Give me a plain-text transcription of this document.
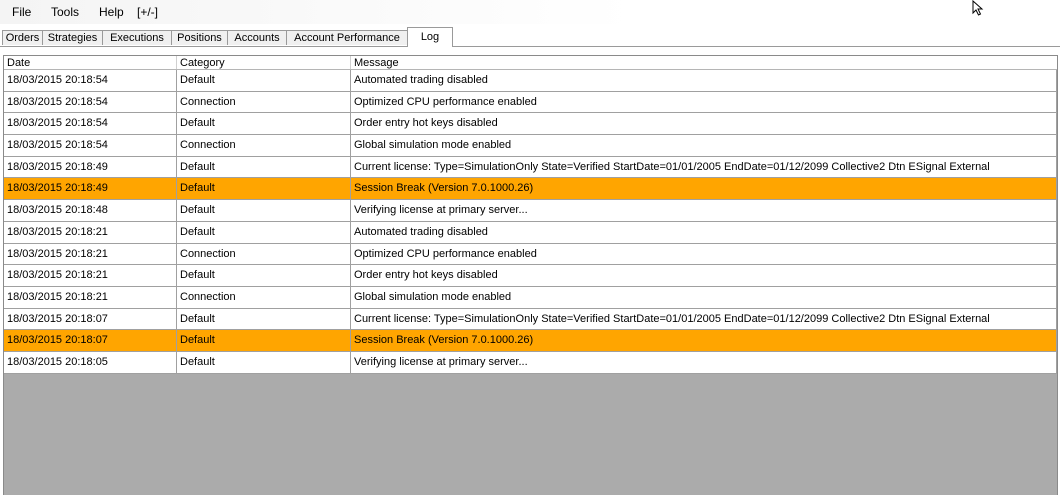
File Tools Help [+/-]
Orders Strategies	Executions	Positions	Accounts	Account Performance	Log
Date	Category	Message
18/03/2015 20:18:54	Default	Automated trading disabled
18/03/2015 20:18:54	Connection	Optimized CPU performance enabled
18/03/2015 20:18:54	Default	Order entry hot keys disabled
18/03/2015 20:18:54	Connection	Global simulation mode enabled
18/03/2015 20:18:49	Default	Current license: Type=SimulationOnly State=Verified StartDate=01/01/2005 EndDate=01/12/2099 Collective2 Dtn ESignal External
18/03/2015 20:18:49	Default	Session Break (Version 7.0.1000.26)
18/03/2015 20:18:48	Default	Verifying license at primary server...
18/03/2015 20:18:21	Default	Automated trading disabled
18/03/2015 20:18:21	Connection	Optimized CPU performance enabled
18/03/2015 20:18:21	Default	Order entry hot keys disabled
18/03/2015 20:18:21	Connection	Global simulation mode enabled
18/03/2015 20:18:07	Default	Current license: Type=SimulationOnly State=Verified StartDate=01/01/2005 EndDate=01/12/2099 Collective2 Dtn ESignal External
18/03/2015 20:18:07	Default	Session Break (Version 7.0.1000.26)
18/03/2015 20:18:05	Default	Verifying license at primary server...
